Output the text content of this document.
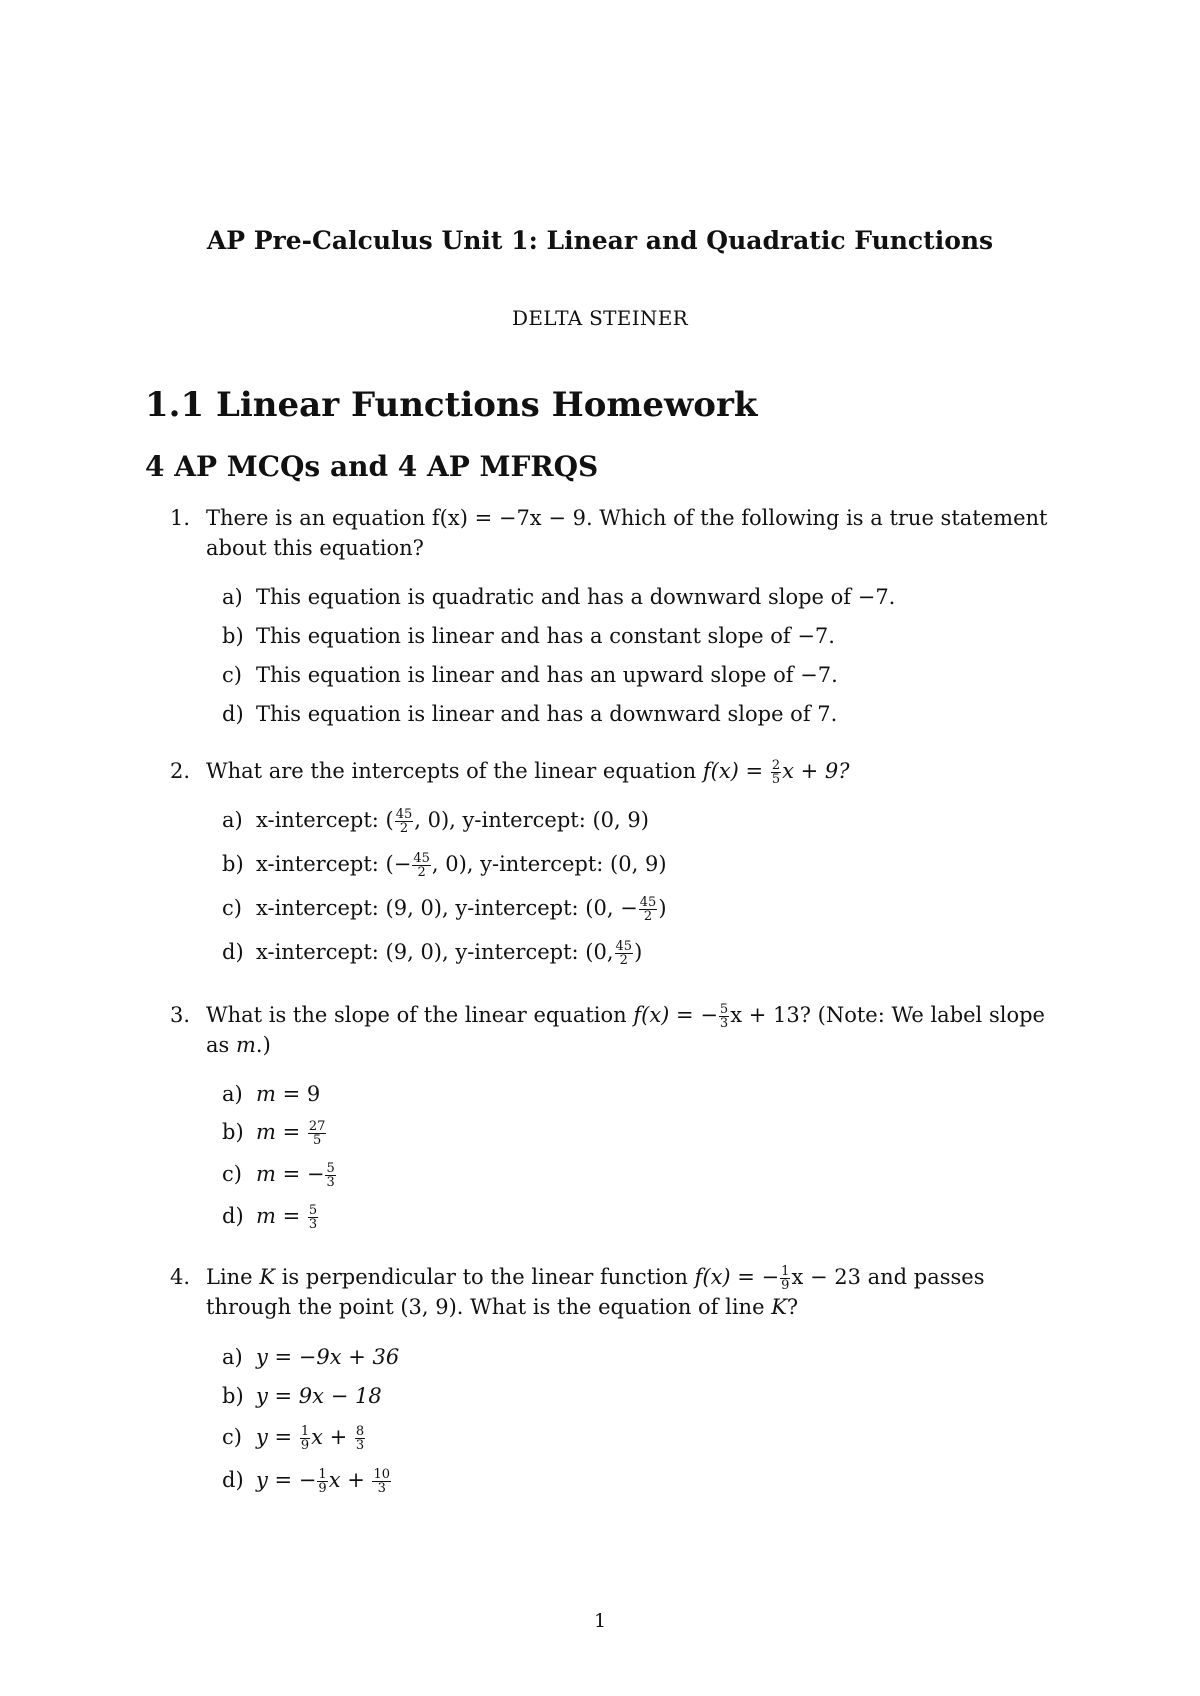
AP Pre-Calculus Unit 1: Linear and Quadratic Functions
DELTA STEINER
1.1 Linear Functions Homework
4 AP MCQs and 4 AP MFRQS
1. There is an equation f(x) = −7x − 9. Which of the following is a true statement about this equation?
a) This equation is quadratic and has a downward slope of −7.
b) This equation is linear and has a constant slope of −7.
c) This equation is linear and has an upward slope of −7.
d) This equation is linear and has a downward slope of 7.
2. What are the intercepts of the linear equation $f(x) = \frac{2}{5}$ x + 9?
a) x-intercept: ( $\frac{45}{2}$ , 0), y-intercept: (0, 9)
b) x-intercept: (− $\frac{45}{2}$ , 0), y-intercept: (0, 9)
c) x-intercept: (9, 0), y-intercept: (0, − $\frac{45}{2}$ )
d) x-intercept: (9, 0), y-intercept: (0, $\frac{45}{2}$ )
3. What is the slope of the linear equation f(x) = − $\frac{5}{3}$ x + 13? (Note: We label slope
as m.)
a) m = 9
b) $m = \frac{27}{5}$
c) m = − $\frac{5}{3}$
d) $m = \frac{5}{3}$
4. Line K is perpendicular to the linear function f(x) = − $\frac{1}{9}$ x − 23 and passes
through the point (3, 9). What is the equation of line K?
a) y = −9x + 36
b) y = 9x − 18
c) $y = \frac{1}{9}$ $x + \frac{8}{3}$
d) y = − $\frac{1}{9}$ $x + \frac{10}{3}$
1
